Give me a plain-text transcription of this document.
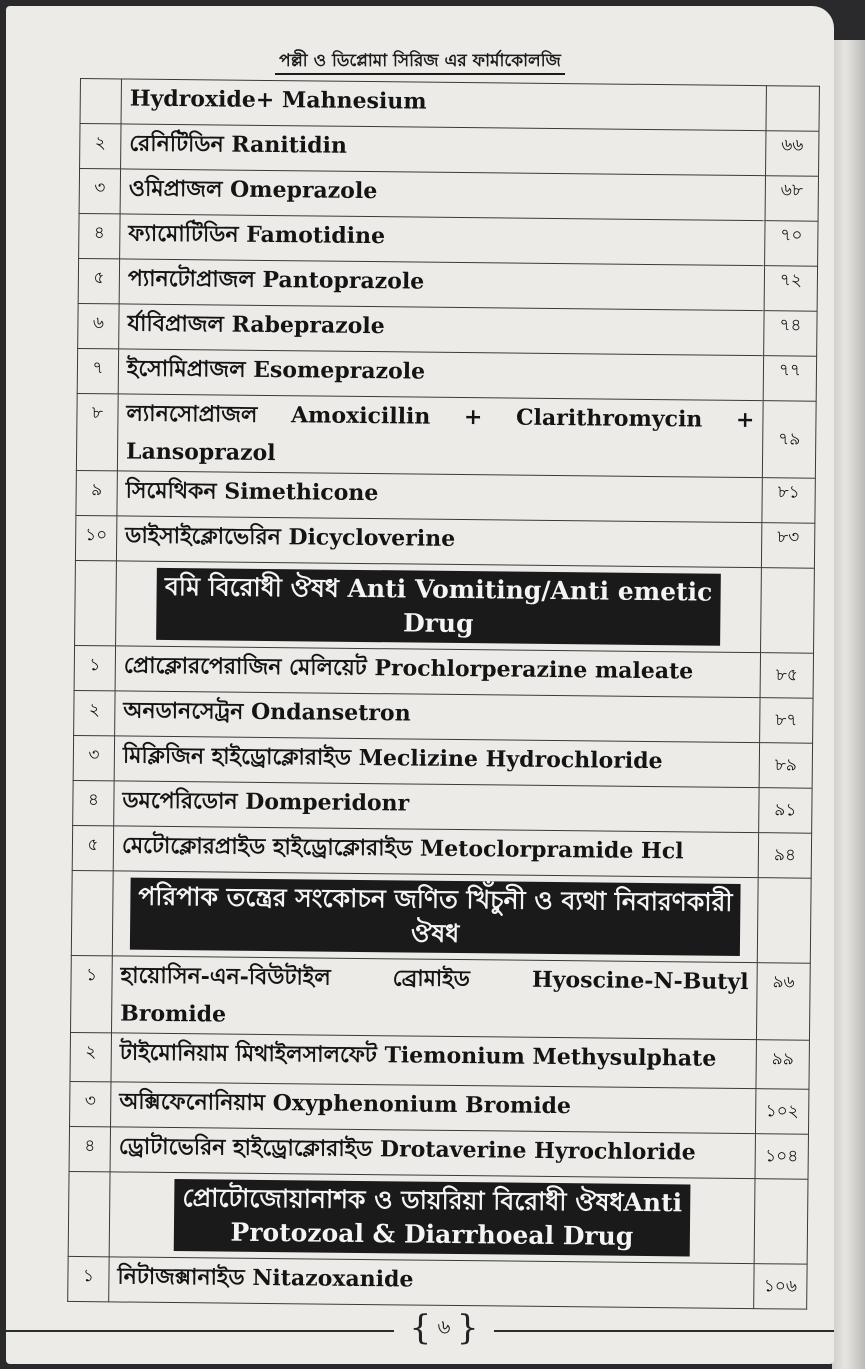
পল্লী ও ডিপ্লোমা সিরিজ এর ফার্মাকোলজি
	Hydroxide+ Mahnesium	
২	রেনিটিডিন Ranitidin	৬৬
৩	ওমিপ্রাজল Omeprazole	৬৮
৪	ফ্যামোটিডিন Famotidine	৭০
৫	প্যানটোপ্রাজল Pantoprazole	৭২
৬	র্যাবিপ্রাজল Rabeprazole	৭৪
৭	ইসোমিপ্রাজল Esomeprazole	৭৭
৮	ল্যানসোপ্রাজল Amoxicillin + Clarithromycin + Lansoprazol	৭৯
৯	সিমেথিকন Simethicone	৮১
১০	ডাইসাইক্লোভেরিন Dicycloverine	৮৩

	বমি বিরোধী ঔষধ Anti Vomiting/Anti emetic
Drug	

১	প্রোক্লোরপেরাজিন মেলিয়েট Prochlorperazine maleate	৮৫
২	অনডানসেট্রন Ondansetron	৮৭
৩	মিক্লিজিন হাইড্রোক্লোরাইড Meclizine Hydrochloride	৮৯
৪	ডমপেরিডোন Domperidonr	৯১
৫	মেটোক্লোরপ্রাইড হাইড্রোক্লোরাইড Metoclorpramide Hcl	৯৪

	পরিপাক তন্ত্রের সংকোচন জণিত খিঁচুনী ও ব্যথা নিবারণকারী
ঔষধ	

১	হায়োসিন-এন-বিউটাইল ব্রোমাইড Hyoscine-N-Butyl Bromide	৯৬
২	টাইমোনিয়াম মিথাইলসালফেট Tiemonium Methysulphate	৯৯
৩	অক্সিফেনোনিয়াম Oxyphenonium Bromide	১০২
৪	ড্রোটাভেরিন হাইড্রোক্লোরাইড Drotaverine Hyrochloride	১০৪

	প্রোটোজোয়ানাশক ও ডায়রিয়া বিরোধী ঔষধAnti
Protozoal & Diarrhoeal Drug	

১	নিটাজক্সানাইড Nitazoxanide	১০৬
{ ৬ }
